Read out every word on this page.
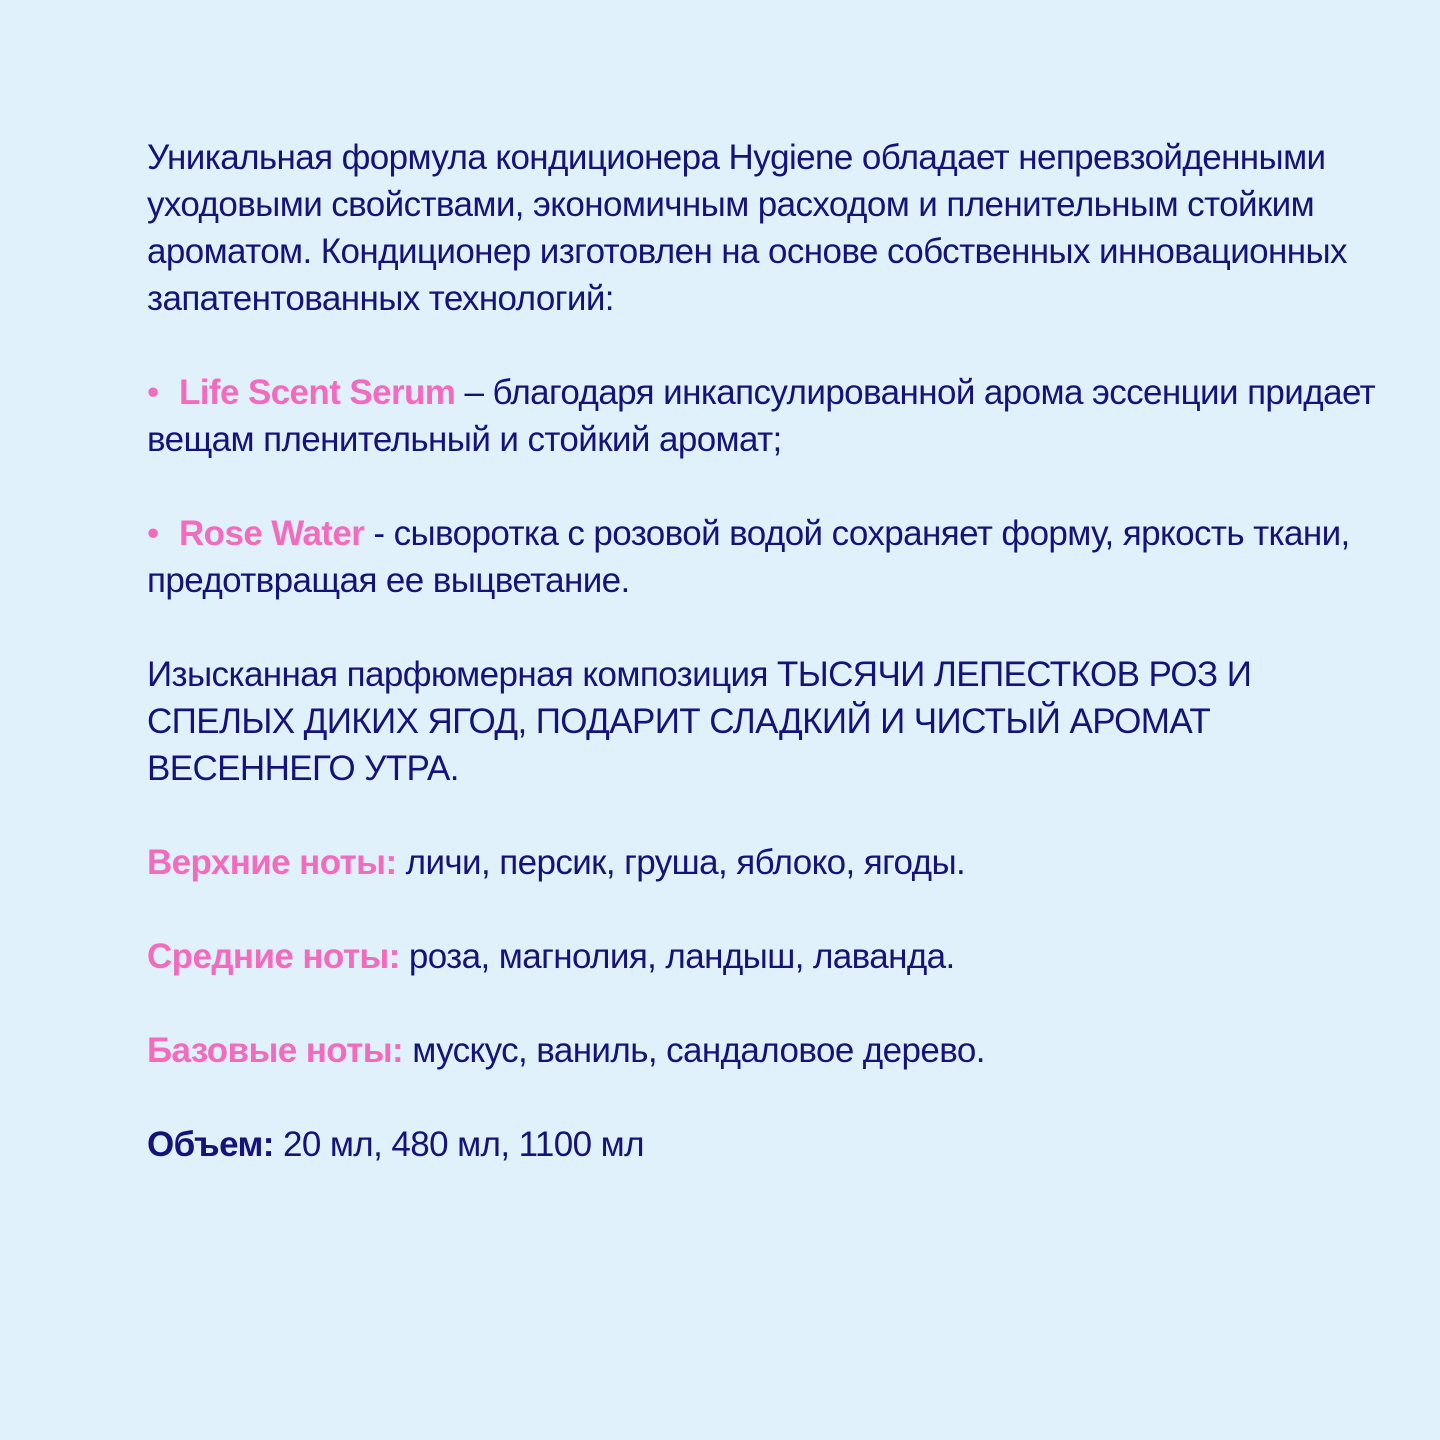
Уникальная формула кондиционера Hygiene обладает непревзойденными уходовыми свойствами, экономичным расходом и пленительным стойким ароматом. Кондиционер изготовлен на основе собственных инновационных запатентованных технологий:

• Life Scent Serum – благодаря инкапсулированной арома эссенции придает вещам пленительный и стойкий аромат;

• Rose Water - сыворотка с розовой водой сохраняет форму, яркость ткани, предотвращая ее выцветание.

Изысканная парфюмерная композиция ТЫСЯЧИ ЛЕПЕСТКОВ РОЗ И СПЕЛЫХ ДИКИХ ЯГОД, ПОДАРИТ СЛАДКИЙ И ЧИСТЫЙ АРОМАТ ВЕСЕННЕГО УТРА.

Верхние ноты: личи, персик, груша, яблоко, ягоды.

Средние ноты: роза, магнолия, ландыш, лаванда.

Базовые ноты: мускус, ваниль, сандаловое дерево.

Объем: 20 мл, 480 мл, 1100 мл
